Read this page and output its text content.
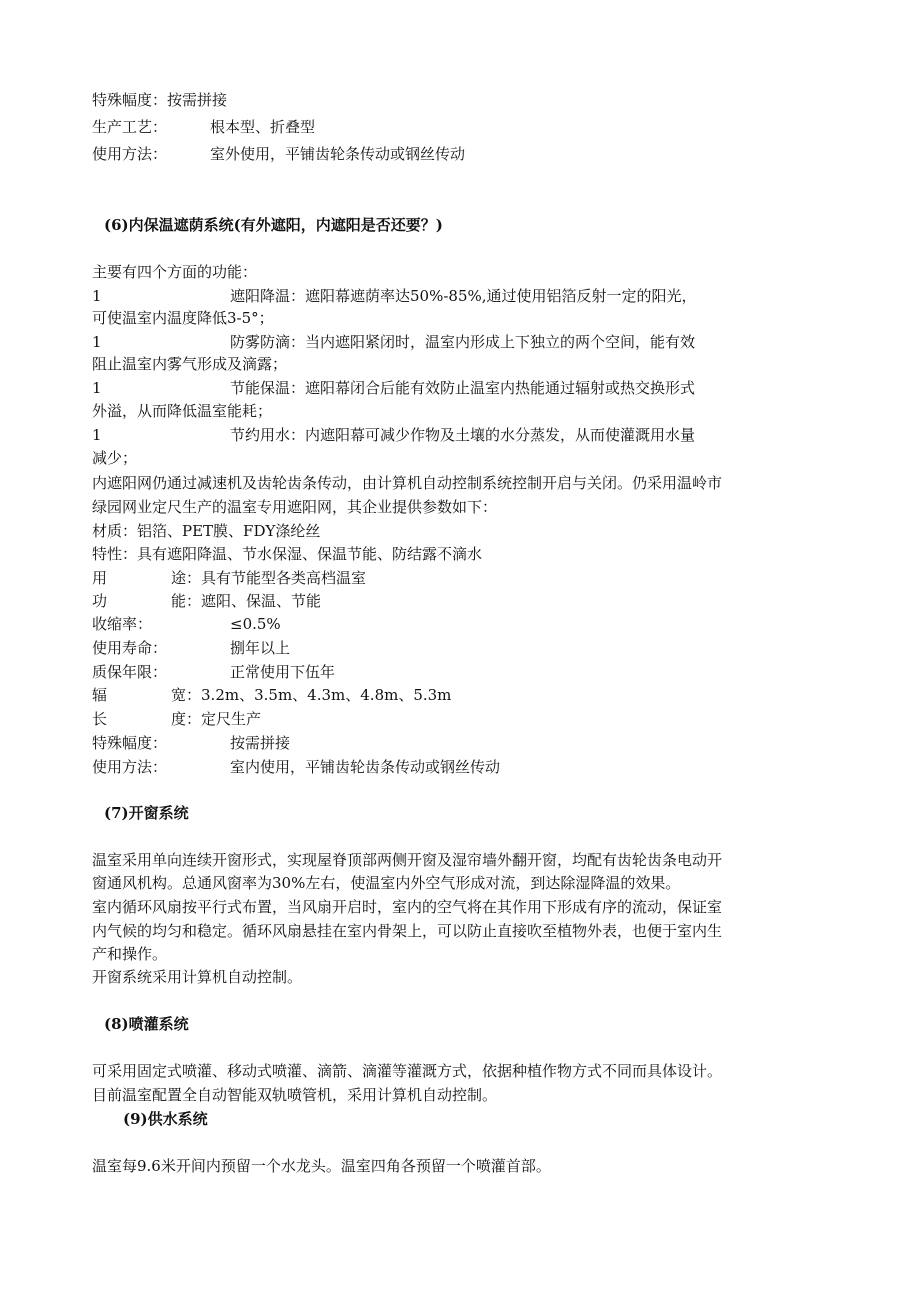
特殊幅度：按需拼接
生产工艺：	根本型、折叠型
使用方法：	室外使用，平铺齿轮条传动或钢丝传动
(6)内保温遮荫系统(有外遮阳，内遮阳是否还要？)
主要有四个方面的功能：
1	遮阳降温：遮阳幕遮荫率达50%-85%,通过使用铝箔反射一定的阳光，
可使温室内温度降低3-5°；
1	防雾防滴：当内遮阳紧闭时，温室内形成上下独立的两个空间，能有效
阻止温室内雾气形成及滴露；
1	节能保温：遮阳幕闭合后能有效防止温室内热能通过辐射或热交换形式
外溢，从而降低温室能耗；
1	节约用水：内遮阳幕可减少作物及土壤的水分蒸发，从而使灌溉用水量
减少；
内遮阳网仍通过减速机及齿轮齿条传动，由计算机自动控制系统控制开启与关闭。仍采用温岭市
绿园网业定尺生产的温室专用遮阳网，其企业提供参数如下：
材质：铝箔、PET膜、FDY涤纶丝
特性：具有遮阳降温、节水保湿、保温节能、防结露不滴水
用	途：具有节能型各类高档温室
功	能：遮阳、保温、节能
收缩率：	≤0.5%
使用寿命：	捌年以上
质保年限：	正常使用下伍年
辐	宽：3.2m、3.5m、4.3m、4.8m、5.3m
长	度：定尺生产
特殊幅度：	按需拼接
使用方法：	室内使用，平铺齿轮齿条传动或钢丝传动
(7)开窗系统
温室采用单向连续开窗形式，实现屋脊顶部两侧开窗及湿帘墙外翻开窗，均配有齿轮齿条电动开
窗通风机构。总通风窗率为30%左右，使温室内外空气形成对流，到达除湿降温的效果。
室内循环风扇按平行式布置，当风扇开启时，室内的空气将在其作用下形成有序的流动，保证室
内气候的均匀和稳定。循环风扇悬挂在室内骨架上，可以防止直接吹至植物外表，也便于室内生
产和操作。
开窗系统采用计算机自动控制。
(8)喷灌系统
可采用固定式喷灌、移动式喷灌、滴箭、滴灌等灌溉方式，依据种植作物方式不同而具体设计。
目前温室配置全自动智能双轨喷管机，采用计算机自动控制。
(9)供水系统
温室每9.6米开间内预留一个水龙头。温室四角各预留一个喷灌首部。
